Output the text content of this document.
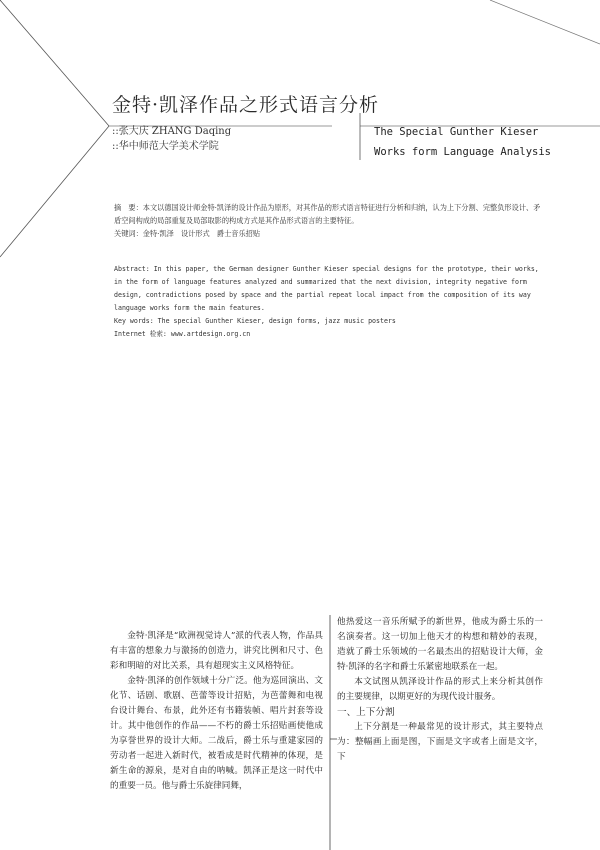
金特·凯泽作品之形式语言分析
::张大庆 ZHANG Daqing
::华中师范大学美术学院
The Special Gunther Kieser
Works form Language Analysis

摘　要：本文以德国设计师金特·凯泽的设计作品为原形，对其作品的形式语言特征进行分析和归纳，认为上下分割、完整负形设计、矛盾空间构成的局部重复及局部取影的构成方式是其作品形式语言的主要特征。

关键词：金特·凯泽　设计形式　爵士音乐招贴

Abstract: In this paper, the German designer Gunther Kieser special designs for the prototype, their works, in the form of language features analyzed and summarized that the next division, integrity negative form design, contradictions posed by space and the partial repeat local impact from the composition of its way language works form the main features.

Key words: The special Gunther Kieser, design forms, jazz music posters

Internet 检索: www.artdesign.org.cn

金特·凯泽是“欧洲视觉诗人”派的代表人物，作品具有丰富的想象力与激扬的创造力，讲究比例和尺寸、色彩和明暗的对比关系，具有超现实主义风格特征。

金特·凯泽的创作领域十分广泛。他为巡回演出、文化节、话剧、歌剧、芭蕾等设计招贴，为芭蕾舞和电视台设计舞台、布景，此外还有书籍装帧、唱片封套等设计。其中他创作的作品——不朽的爵士乐招贴画使他成为享誉世界的设计大师。二战后，爵士乐与重建家园的劳动者一起进入新时代，被看成是时代精神的体现，是新生命的源泉，是对自由的呐喊。凯泽正是这一时代中的重要一员。他与爵士乐旋律同舞，

他热爱这一音乐所赋予的新世界，他成为爵士乐的一名演奏者。这一切加上他天才的构想和精妙的表现，造就了爵士乐领域的一名最杰出的招贴设计大师，金特·凯泽的名字和爵士乐紧密地联系在一起。

本文试图从凯泽设计作品的形式上来分析其创作的主要规律，以期更好的为现代设计服务。

一、上下分割

上下分割是一种最常见的设计形式，其主要特点为：整幅画上面是图，下面是文字或者上面是文字，下
